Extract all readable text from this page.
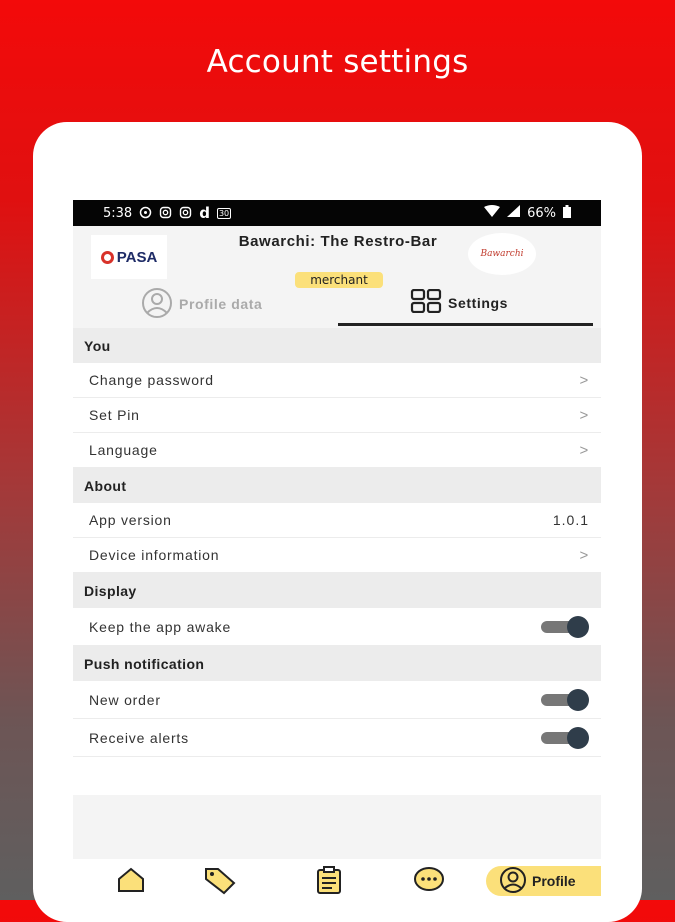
Account settings
5:38	d 30	66%
PASA
Bawarchi: The Restro-Bar
Bawarchi
merchant
Profile data	Settings
You
Change password	>
Set Pin	>
Language	>
About
App version	1.0.1
Device information	>
Display
Keep the app awake
Push notification
New order
Receive alerts
Profile
